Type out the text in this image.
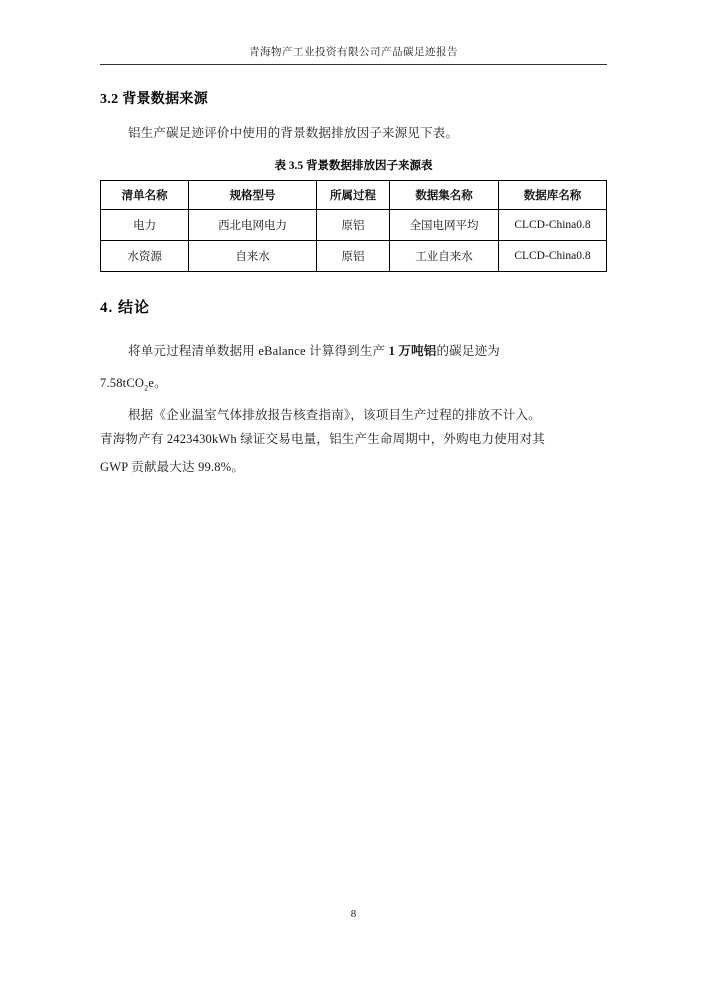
青海物产工业投资有限公司产品碳足迹报告
3.2 背景数据来源
铝生产碳足迹评价中使用的背景数据排放因子来源见下表。
表 3.5 背景数据排放因子来源表
清单名称	规格型号	所属过程	数据集名称	数据库名称
电力	西北电网电力	原铝	全国电网平均	CLCD-China0.8
水资源	自来水	原铝	工业自来水	CLCD-China0.8
4. 结论
将单元过程清单数据用 eBalance 计算得到生产 1 万吨铝的碳足迹为
7.58tCO$_2$e。
根据《企业温室气体排放报告核查指南》，该项目生产过程的排放不计入。
青海物产有 2423430kWh 绿证交易电量，铝生产生命周期中，外购电力使用对其
GWP 贡献最大达 99.8%。
8
